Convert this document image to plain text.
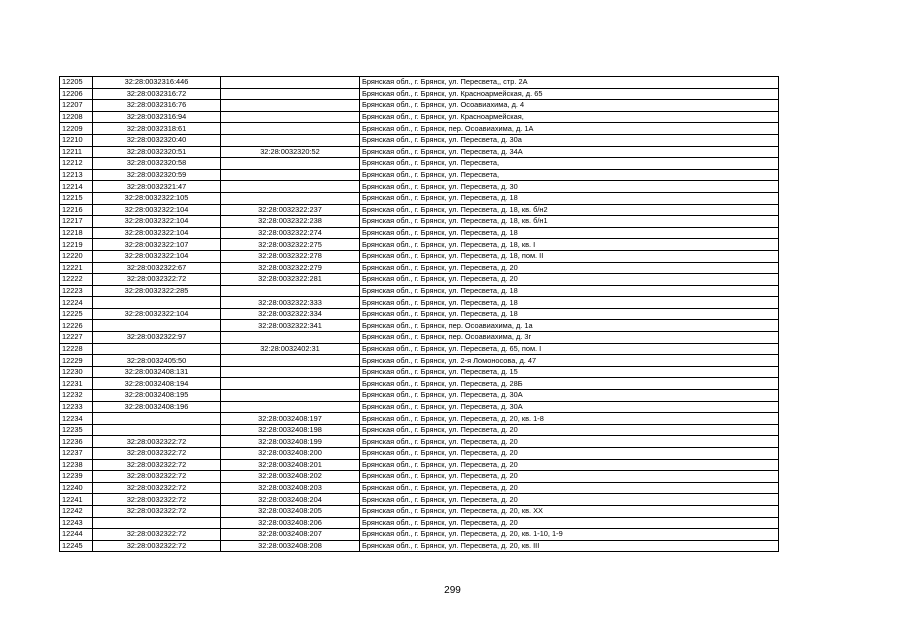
12205	32:28:0032316:446		Брянская обл., г. Брянск, ул. Пересвета,, стр. 2А
12206	32:28:0032316:72		Брянская обл., г. Брянск, ул. Красноармейская, д. 65
12207	32:28:0032316:76		Брянская обл., г. Брянск, ул. Осоавиахима, д. 4
12208	32:28:0032316:94		Брянская обл., г. Брянск, ул. Красноармейская,
12209	32:28:0032318:61		Брянская обл., г. Брянск, пер. Осоавиахима, д. 1А
12210	32:28:0032320:40		Брянская обл., г. Брянск, ул. Пересвета, д. 30а
12211	32:28:0032320:51	32:28:0032320:52	Брянская обл., г. Брянск, ул. Пересвета, д. 34А
12212	32:28:0032320:58		Брянская обл., г. Брянск, ул. Пересвета,
12213	32:28:0032320:59		Брянская обл., г. Брянск, ул. Пересвета,
12214	32:28:0032321:47		Брянская обл., г. Брянск, ул. Пересвета, д. 30
12215	32:28:0032322:105		Брянская обл., г. Брянск, ул. Пересвета, д. 18
12216	32:28:0032322:104	32:28:0032322:237	Брянская обл., г. Брянск, ул. Пересвета, д. 18, кв. б/н2
12217	32:28:0032322:104	32:28:0032322:238	Брянская обл., г. Брянск, ул. Пересвета, д. 18, кв. б/н1
12218	32:28:0032322:104	32:28:0032322:274	Брянская обл., г. Брянск, ул. Пересвета, д. 18
12219	32:28:0032322:107	32:28:0032322:275	Брянская обл., г. Брянск, ул. Пересвета, д. 18, кв. I
12220	32:28:0032322:104	32:28:0032322:278	Брянская обл., г. Брянск, ул. Пересвета, д. 18, пом. II
12221	32:28:0032322:67	32:28:0032322:279	Брянская обл., г. Брянск, ул. Пересвета, д. 20
12222	32:28:0032322:72	32:28:0032322:281	Брянская обл., г. Брянск, ул. Пересвета, д. 20
12223	32:28:0032322:285		Брянская обл., г. Брянск, ул. Пересвета, д. 18
12224		32:28:0032322:333	Брянская обл., г. Брянск, ул. Пересвета, д. 18
12225	32:28:0032322:104	32:28:0032322:334	Брянская обл., г. Брянск, ул. Пересвета, д. 18
12226		32:28:0032322:341	Брянская обл., г. Брянск, пер. Осоавиахима, д. 1а
12227	32:28:0032322:97		Брянская обл., г. Брянск, пер. Осоавиахима, д. 3г
12228		32:28:0032402:31	Брянская обл., г. Брянск, ул. Пересвета, д. 65, пом. I
12229	32:28:0032405:50		Брянская обл., г. Брянск, ул. 2-я Ломоносова, д. 47
12230	32:28:0032408:131		Брянская обл., г. Брянск, ул. Пересвета, д. 15
12231	32:28:0032408:194		Брянская обл., г. Брянск, ул. Пересвета, д. 28Б
12232	32:28:0032408:195		Брянская обл., г. Брянск, ул. Пересвета, д. 30А
12233	32:28:0032408:196		Брянская обл., г. Брянск, ул. Пересвета, д. 30А
12234		32:28:0032408:197	Брянская обл., г. Брянск, ул. Пересвета, д. 20, кв. 1-8
12235		32:28:0032408:198	Брянская обл., г. Брянск, ул. Пересвета, д. 20
12236	32:28:0032322:72	32:28:0032408:199	Брянская обл., г. Брянск, ул. Пересвета, д. 20
12237	32:28:0032322:72	32:28:0032408:200	Брянская обл., г. Брянск, ул. Пересвета, д. 20
12238	32:28:0032322:72	32:28:0032408:201	Брянская обл., г. Брянск, ул. Пересвета, д. 20
12239	32:28:0032322:72	32:28:0032408:202	Брянская обл., г. Брянск, ул. Пересвета, д. 20
12240	32:28:0032322:72	32:28:0032408:203	Брянская обл., г. Брянск, ул. Пересвета, д. 20
12241	32:28:0032322:72	32:28:0032408:204	Брянская обл., г. Брянск, ул. Пересвета, д. 20
12242	32:28:0032322:72	32:28:0032408:205	Брянская обл., г. Брянск, ул. Пересвета, д. 20, кв. XX
12243		32:28:0032408:206	Брянская обл., г. Брянск, ул. Пересвета, д. 20
12244	32:28:0032322:72	32:28:0032408:207	Брянская обл., г. Брянск, ул. Пересвета, д. 20, кв. 1-10, 1-9
12245	32:28:0032322:72	32:28:0032408:208	Брянская обл., г. Брянск, ул. Пересвета, д. 20, кв. III
299
